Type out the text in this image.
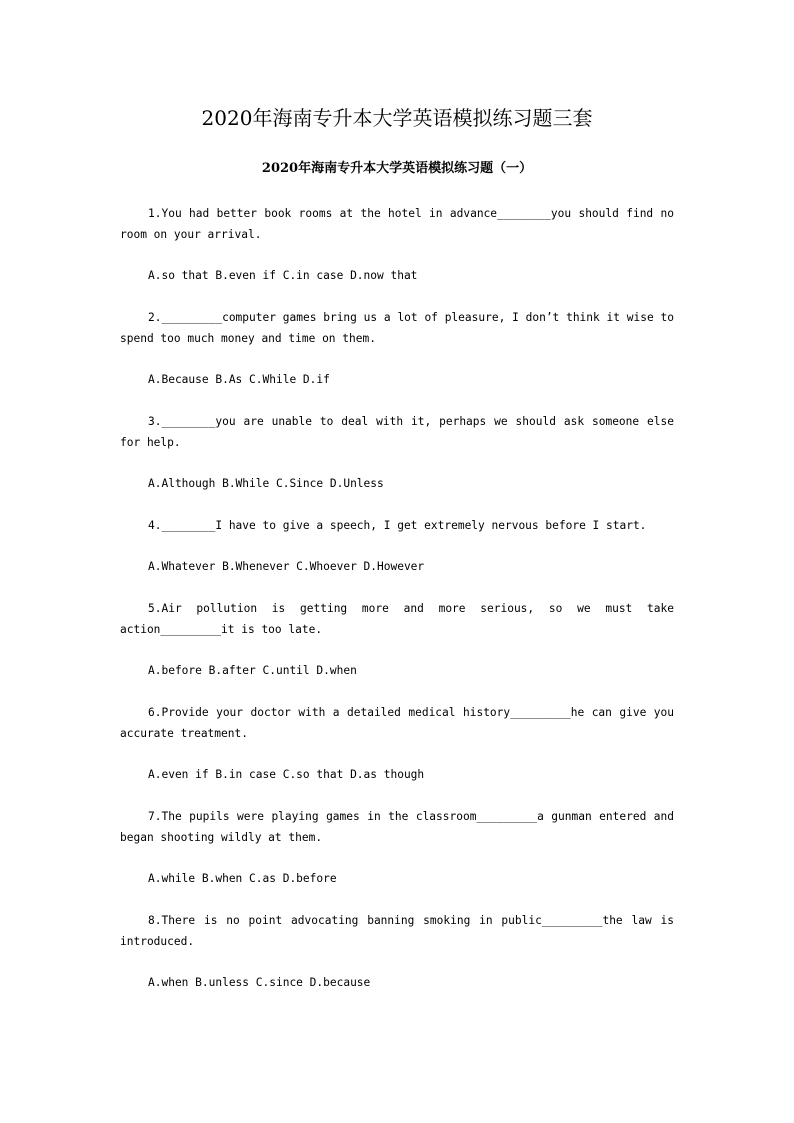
2020年海南专升本大学英语模拟练习题三套
2020年海南专升本大学英语模拟练习题（一）

1.You had better book rooms at the hotel in advance________you should find no room on your arrival.

A.so that B.even if C.in case D.now that

2._________computer games bring us a lot of pleasure, I don’t think it wise to spend too much money and time on them.

A.Because B.As C.While D.if

3.________you are unable to deal with it, perhaps we should ask someone else for help.

A.Although B.While C.Since D.Unless

4.________I have to give a speech, I get extremely nervous before I start.

A.Whatever B.Whenever C.Whoever D.However

5.Air pollution is getting more and more serious, so we must take action_________it is too late.

A.before B.after C.until D.when

6.Provide your doctor with a detailed medical history_________he can give you accurate treatment.

A.even if B.in case C.so that D.as though

7.The pupils were playing games in the classroom_________a gunman entered and began shooting wildly at them.

A.while B.when C.as D.before

8.There is no point advocating banning smoking in public_________the law is introduced.

A.when B.unless C.since D.because
